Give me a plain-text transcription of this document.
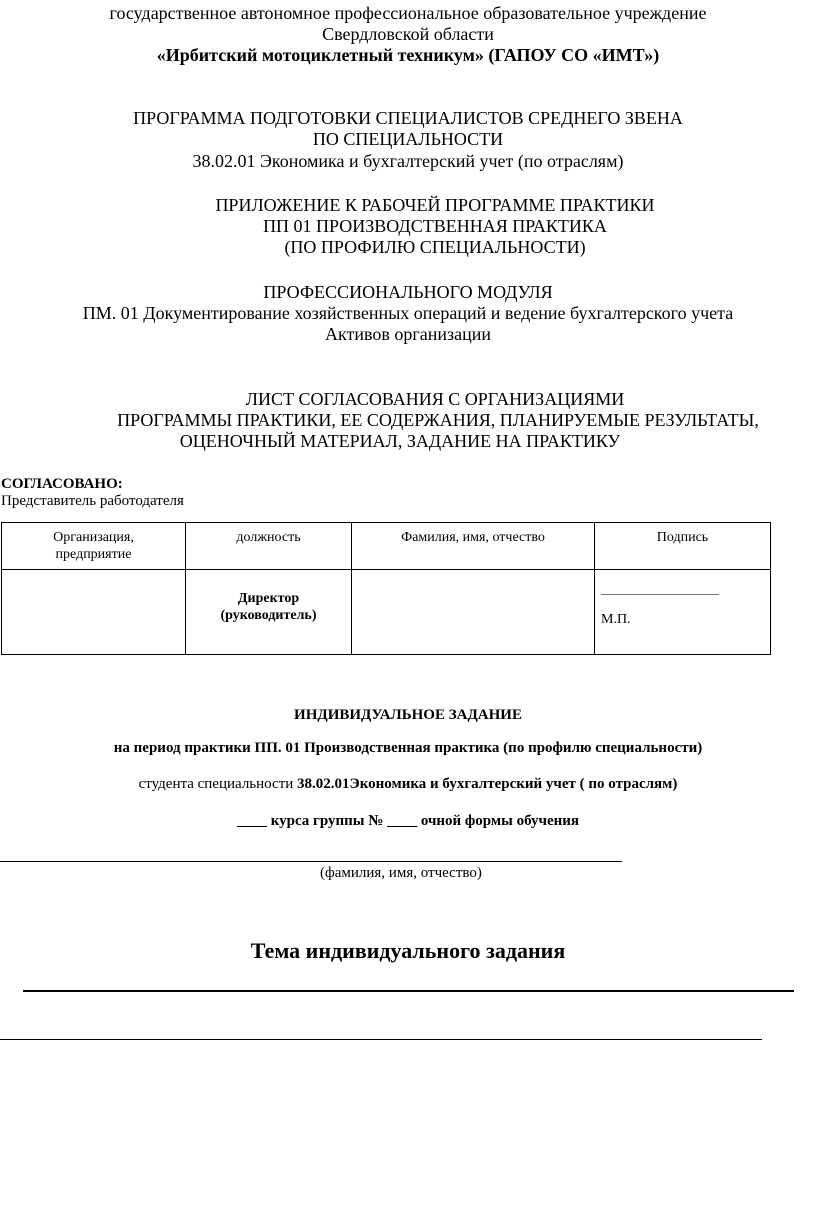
государственное автономное профессиональное образовательное учреждение
Свердловской области
«Ирбитский мотоциклетный техникум» (ГАПОУ СО «ИМТ»)
ПРОГРАММА ПОДГОТОВКИ СПЕЦИАЛИСТОВ СРЕДНЕГО ЗВЕНА
ПО СПЕЦИАЛЬНОСТИ
38.02.01 Экономика и бухгалтерский учет (по отраслям)
ПРИЛОЖЕНИЕ К РАБОЧЕЙ ПРОГРАММЕ ПРАКТИКИ
ПП 01 ПРОИЗВОДСТВЕННАЯ ПРАКТИКА
(ПО ПРОФИЛЮ СПЕЦИАЛЬНОСТИ)
ПРОФЕССИОНАЛЬНОГО МОДУЛЯ
ПМ. 01 Документирование хозяйственных операций и ведение бухгалтерского учета
Активов организации
ЛИСТ СОГЛАСОВАНИЯ С ОРГАНИЗАЦИЯМИ
ПРОГРАММЫ ПРАКТИКИ, ЕЕ СОДЕРЖАНИЯ, ПЛАНИРУЕМЫЕ РЕЗУЛЬТАТЫ,
ОЦЕНОЧНЫЙ МАТЕРИАЛ, ЗАДАНИЕ НА ПРАКТИКУ
СОГЛАСОВАНО:
Представитель работодателя
Организация,
предприятие	должность	Фамилия, имя, отчество	Подпись
	Директор
(руководитель)		М.П.
ИНДИВИДУАЛЬНОЕ ЗАДАНИЕ
на период практики ПП. 01 Производственная практика (по профилю специальности)
студента специальности 38.02.01Экономика и бухгалтерский учет ( по отраслям)
____ курса группы № ____ очной формы обучения
(фамилия, имя, отчество)
Тема индивидуального задания
